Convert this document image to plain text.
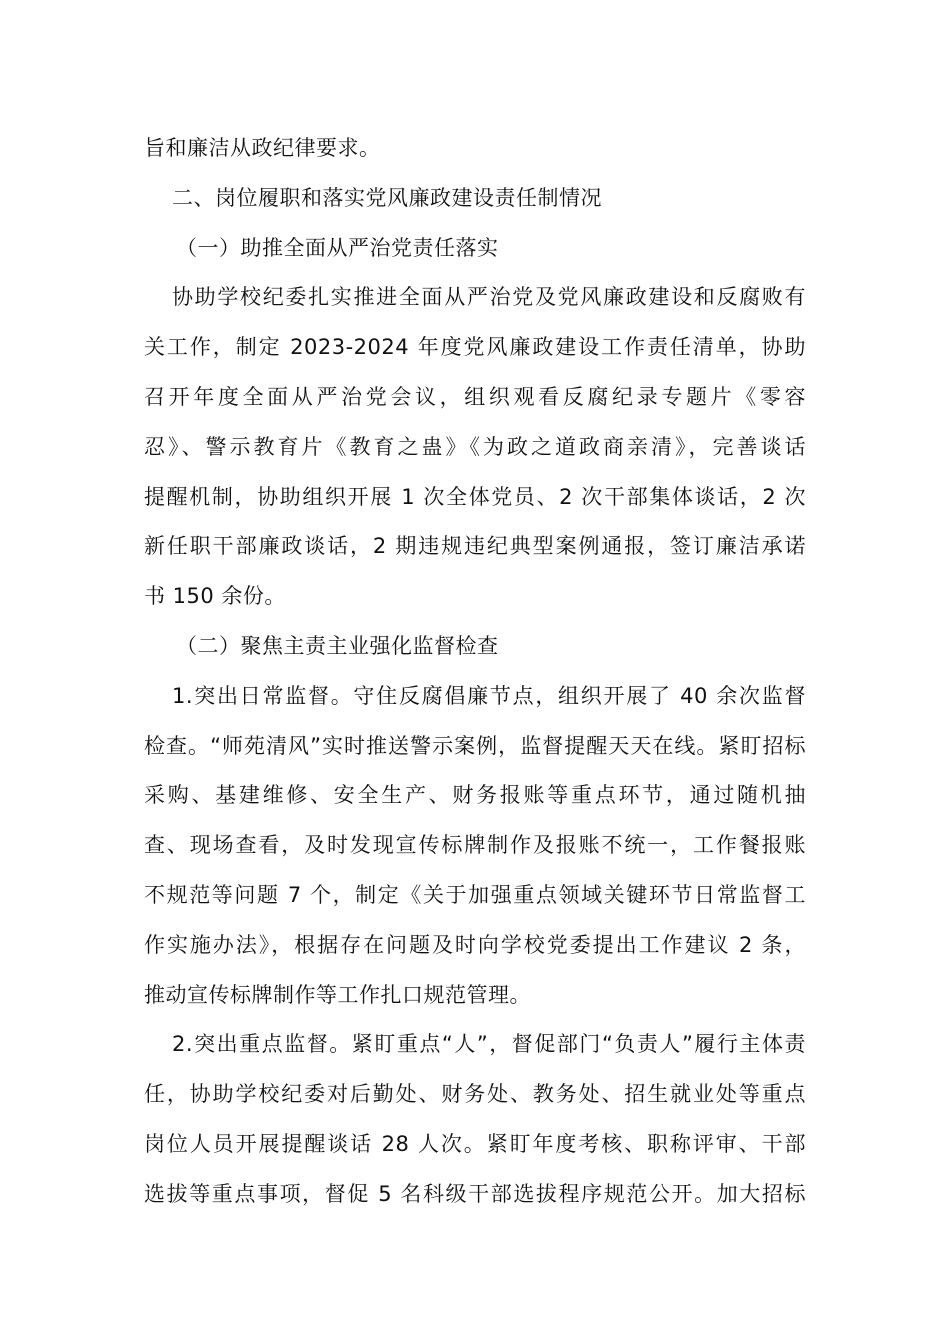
旨和廉洁从政纪律要求。
二、岗位履职和落实党风廉政建设责任制情况
（一）助推全面从严治党责任落实
协助学校纪委扎实推进全面从严治党及党风廉政建设和反腐败有
关工作，制定 2023-2024 年度党风廉政建设工作责任清单，协助
召开年度全面从严治党会议，组织观看反腐纪录专题片《零容
忍》、警示教育片《教育之蛊》《为政之道政商亲清》，完善谈话
提醒机制，协助组织开展 1 次全体党员、2 次干部集体谈话，2 次
新任职干部廉政谈话，2 期违规违纪典型案例通报，签订廉洁承诺
书 150 余份。
（二）聚焦主责主业强化监督检查
1.突出日常监督。守住反腐倡廉节点，组织开展了 40 余次监督
检查。“师苑清风”实时推送警示案例，监督提醒天天在线。紧盯招标
采购、基建维修、安全生产、财务报账等重点环节，通过随机抽
查、现场查看，及时发现宣传标牌制作及报账不统一，工作餐报账
不规范等问题 7 个，制定《关于加强重点领域关键环节日常监督工
作实施办法》，根据存在问题及时向学校党委提出工作建议 2 条，
推动宣传标牌制作等工作扎口规范管理。
2.突出重点监督。紧盯重点“人”，督促部门“负责人”履行主体责
任，协助学校纪委对后勤处、财务处、教务处、招生就业处等重点
岗位人员开展提醒谈话 28 人次。紧盯年度考核、职称评审、干部
选拔等重点事项，督促 5 名科级干部选拔程序规范公开。加大招标
